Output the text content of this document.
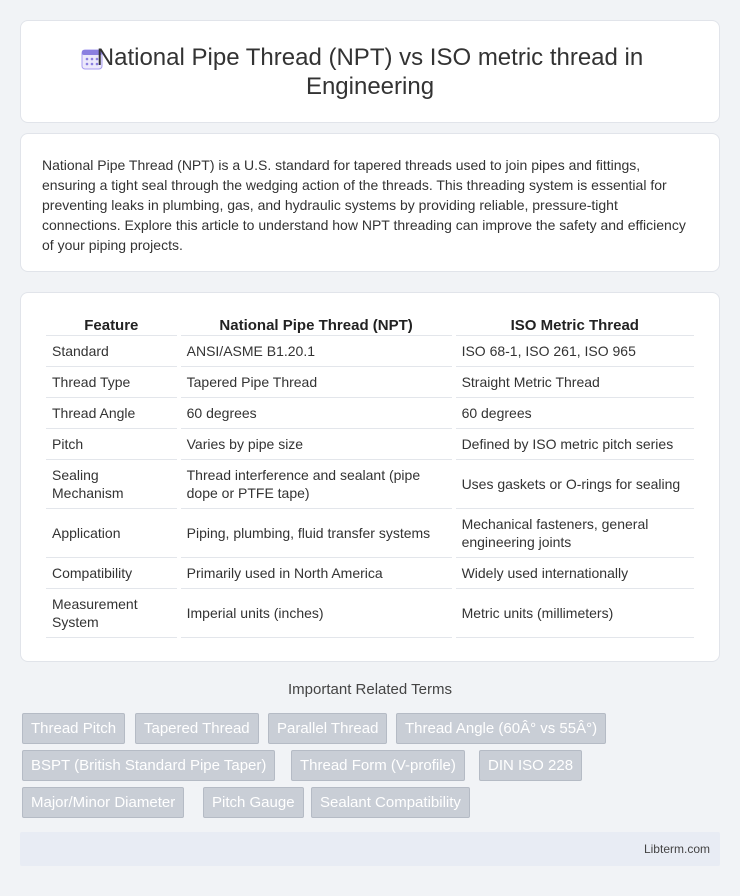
National Pipe Thread (NPT) vs ISO metric thread in
Engineering
National Pipe Thread (NPT) is a U.S. standard for tapered threads used to join pipes and fittings, ensuring a tight seal through the wedging action of the threads. This threading system is essential for preventing leaks in plumbing, gas, and hydraulic systems by providing reliable, pressure-tight connections. Explore this article to understand how NPT threading can improve the safety and efficiency of your piping projects.
Feature	National Pipe Thread (NPT)	ISO Metric Thread
Standard	ANSI/ASME B1.20.1	ISO 68-1, ISO 261, ISO 965
Thread Type	Tapered Pipe Thread	Straight Metric Thread
Thread Angle	60 degrees	60 degrees
Pitch	Varies by pipe size	Defined by ISO metric pitch series
Sealing Mechanism	Thread interference and sealant (pipe dope or PTFE tape)	Uses gaskets or O-rings for sealing
Application	Piping, plumbing, fluid transfer systems	Mechanical fasteners, general engineering joints
Compatibility	Primarily used in North America	Widely used internationally
Measurement System	Imperial units (inches)	Metric units (millimeters)
Important Related Terms
Thread Pitch	Tapered Thread	Parallel Thread	Thread Angle (60Â° vs 55Â°)
BSPT (British Standard Pipe Taper)	Thread Form (V-profile)	DIN ISO 228
Major/Minor Diameter	Pitch Gauge	Sealant Compatibility
Libterm.com
